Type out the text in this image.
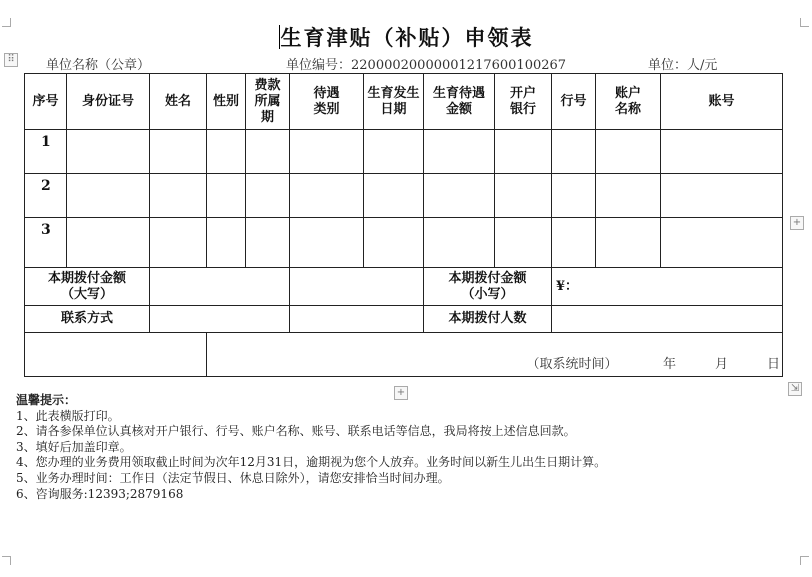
生育津贴（补贴）申领表
单位名称（公章）	单位编号：22000020000001217600100267	单位：人/元
序号	身份证号	姓名	性别	费款所属期	待遇类别	生育发生日期	生育待遇金额	开户银行	行号	账户名称	账号
1											
2											
3											

本期拨付金额（大写）							本期拨付金额（小写）		¥：		
联系方式							本期拨付人数				
			（取系统时间）　　　　年　　　月　　　日								
温馨提示：
1、此表横版打印。
2、请各参保单位认真核对开户银行、行号、账户名称、账号、联系电话等信息，我局将按上述信息回款。
3、填好后加盖印章。
4、您办理的业务费用领取截止时间为次年12月31日，逾期视为您个人放弃。业务时间以新生儿出生日期计算。
5、业务办理时间：工作日（法定节假日、休息日除外），请您安排恰当时间办理。
6、咨询服务:12393;2879168
⠿
+
+	⇲
